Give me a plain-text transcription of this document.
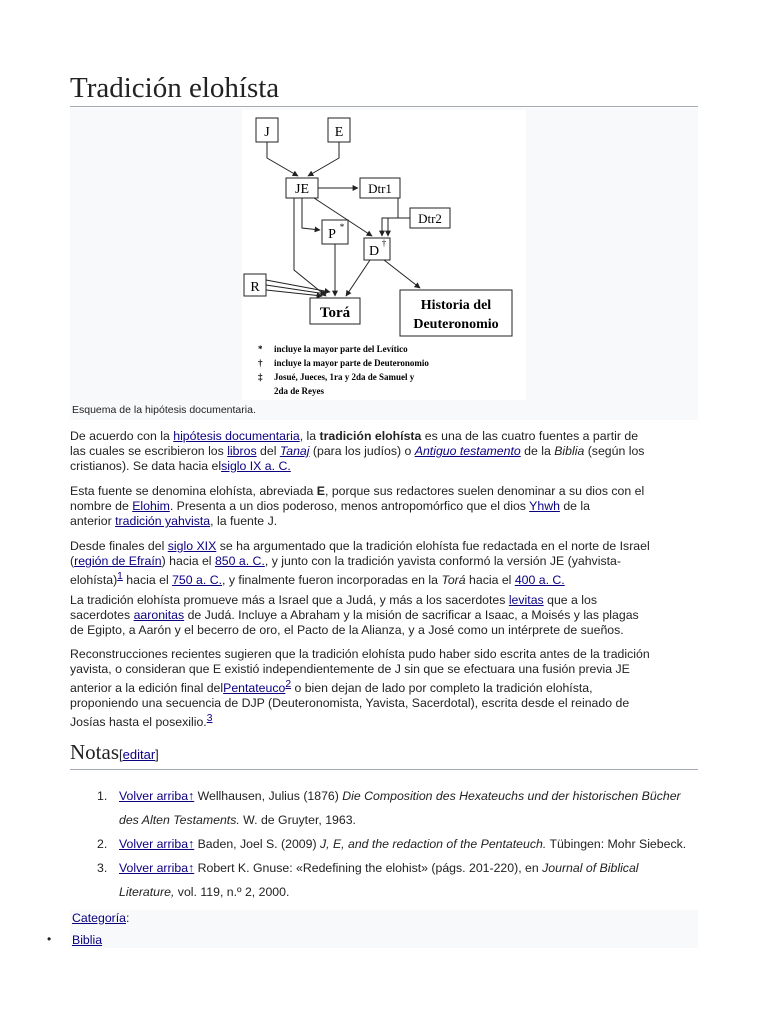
Tradición elohísta
J	E
JE	Dtr1
P *
Dtr2
D
†
R
Torá	Historia del
Deuteronomio
* incluye la mayor parte del Levítico
† incluye la mayor parte de Deuteronomio
‡ Josué, Jueces, 1ra y 2da de Samuel y
2da de Reyes
Esquema de la hipótesis documentaria.

De acuerdo con la hipótesis documentaria, la tradición elohísta es una de las cuatro fuentes a partir de
las cuales se escribieron los libros del Tanaj (para los judíos) o Antiguo testamento de la Biblia (según los
cristianos). Se data hacia elsiglo IX a. C.

Esta fuente se denomina elohísta, abreviada E, porque sus redactores suelen denominar a su dios con el
nombre de Elohim. Presenta a un dios poderoso, menos antropomórfico que el dios Yhwh de la
anterior tradición yahvista, la fuente J.

Desde finales del siglo XIX se ha argumentado que la tradición elohísta fue redactada en el norte de Israel
(región de Efraín) hacia el 850 a. C., y junto con la tradición yavista conformó la versión JE (yahvista-
elohísta)$^1$ hacia el 750 a. C., y finalmente fueron incorporadas en la Torá hacia el 400 a. C.

La tradición elohísta promueve más a Israel que a Judá, y más a los sacerdotes levitas que a los
sacerdotes aaronitas de Judá. Incluye a Abraham y la misión de sacrificar a Isaac, a Moisés y las plagas
de Egipto, a Aarón y el becerro de oro, el Pacto de la Alianza, y a José como un intérprete de sueños.

Reconstrucciones recientes sugieren que la tradición elohísta pudo haber sido escrita antes de la tradición
yavista, o consideran que E existió independientemente de J sin que se efectuara una fusión previa JE
anterior a la edición final delPentateuco$^2$ o bien dejan de lado por completo la tradición elohísta,
proponiendo una secuencia de DJP (Deuteronomista, Yavista, Sacerdotal), escrita desde el reinado de
Josías hasta el posexilio.$^3$

Notas[editar]
1. Volver arriba↑ Wellhausen, Julius (1876) Die Composition des Hexateuchs und der historischen Bücher
des Alten Testaments. W. de Gruyter, 1963.
2. Volver arriba↑ Baden, Joel S. (2009) J, E, and the redaction of the Pentateuch. Tübingen: Mohr Siebeck.
3. Volver arriba↑ Robert K. Gnuse: «Redefining the elohist» (págs. 201-220), en Journal of Biblical
Literature, vol. 119, n.º 2, 2000.
Categoría:
Biblia
•
